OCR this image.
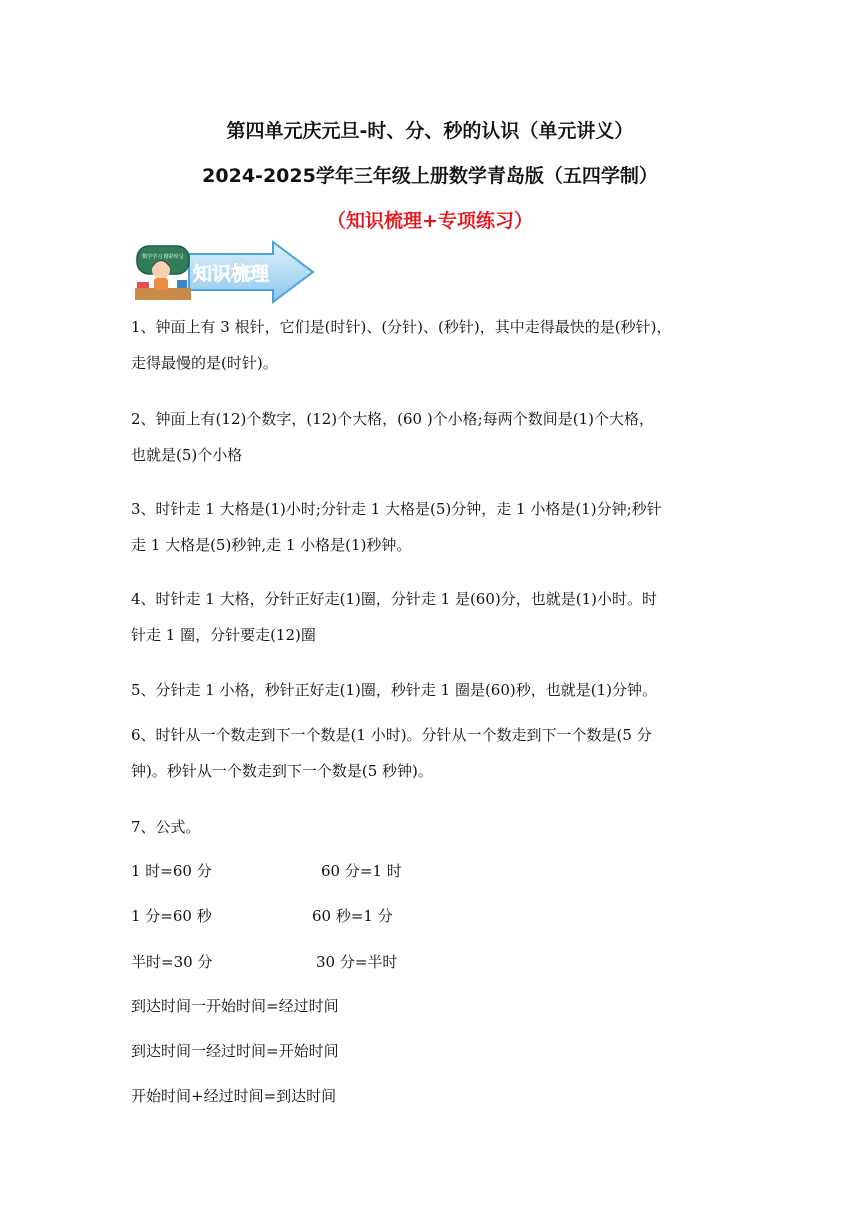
第四单元庆元旦-时、分、秒的认识（单元讲义）
2024-2025学年三年级上册数学青岛版（五四学制）
（知识梳理+专项练习）
数学学习 精彩纷呈
知识梳理
1、钟面上有 3 根针，它们是(时针)、(分针)、(秒针)，其中走得最快的是(秒针)，
走得最慢的是(时针)。
2、钟面上有(12)个数字，(12)个大格，(60 )个小格;每两个数间是(1)个大格，
也就是(5)个小格
3、时针走 1 大格是(1)小时;分针走 1 大格是(5)分钟，走 1 小格是(1)分钟;秒针
走 1 大格是(5)秒钟,走 1 小格是(1)秒钟。
4、时针走 1 大格，分针正好走(1)圈，分针走 1 是(60)分，也就是(1)小时。时
针走 1 圈，分针要走(12)圈
5、分针走 1 小格，秒针正好走(1)圈，秒针走 1 圈是(60)秒，也就是(1)分钟。
6、时针从一个数走到下一个数是(1 小时)。分针从一个数走到下一个数是(5 分
钟)。秒针从一个数走到下一个数是(5 秒钟)。
7、公式。
1 时=60 分	60 分=1 时
1 分=60 秒	60 秒=1 分
半时=30 分	30 分=半时
到达时间一开始时间=经过时间
到达时间一经过时间=开始时间
开始时间+经过时间=到达时间
